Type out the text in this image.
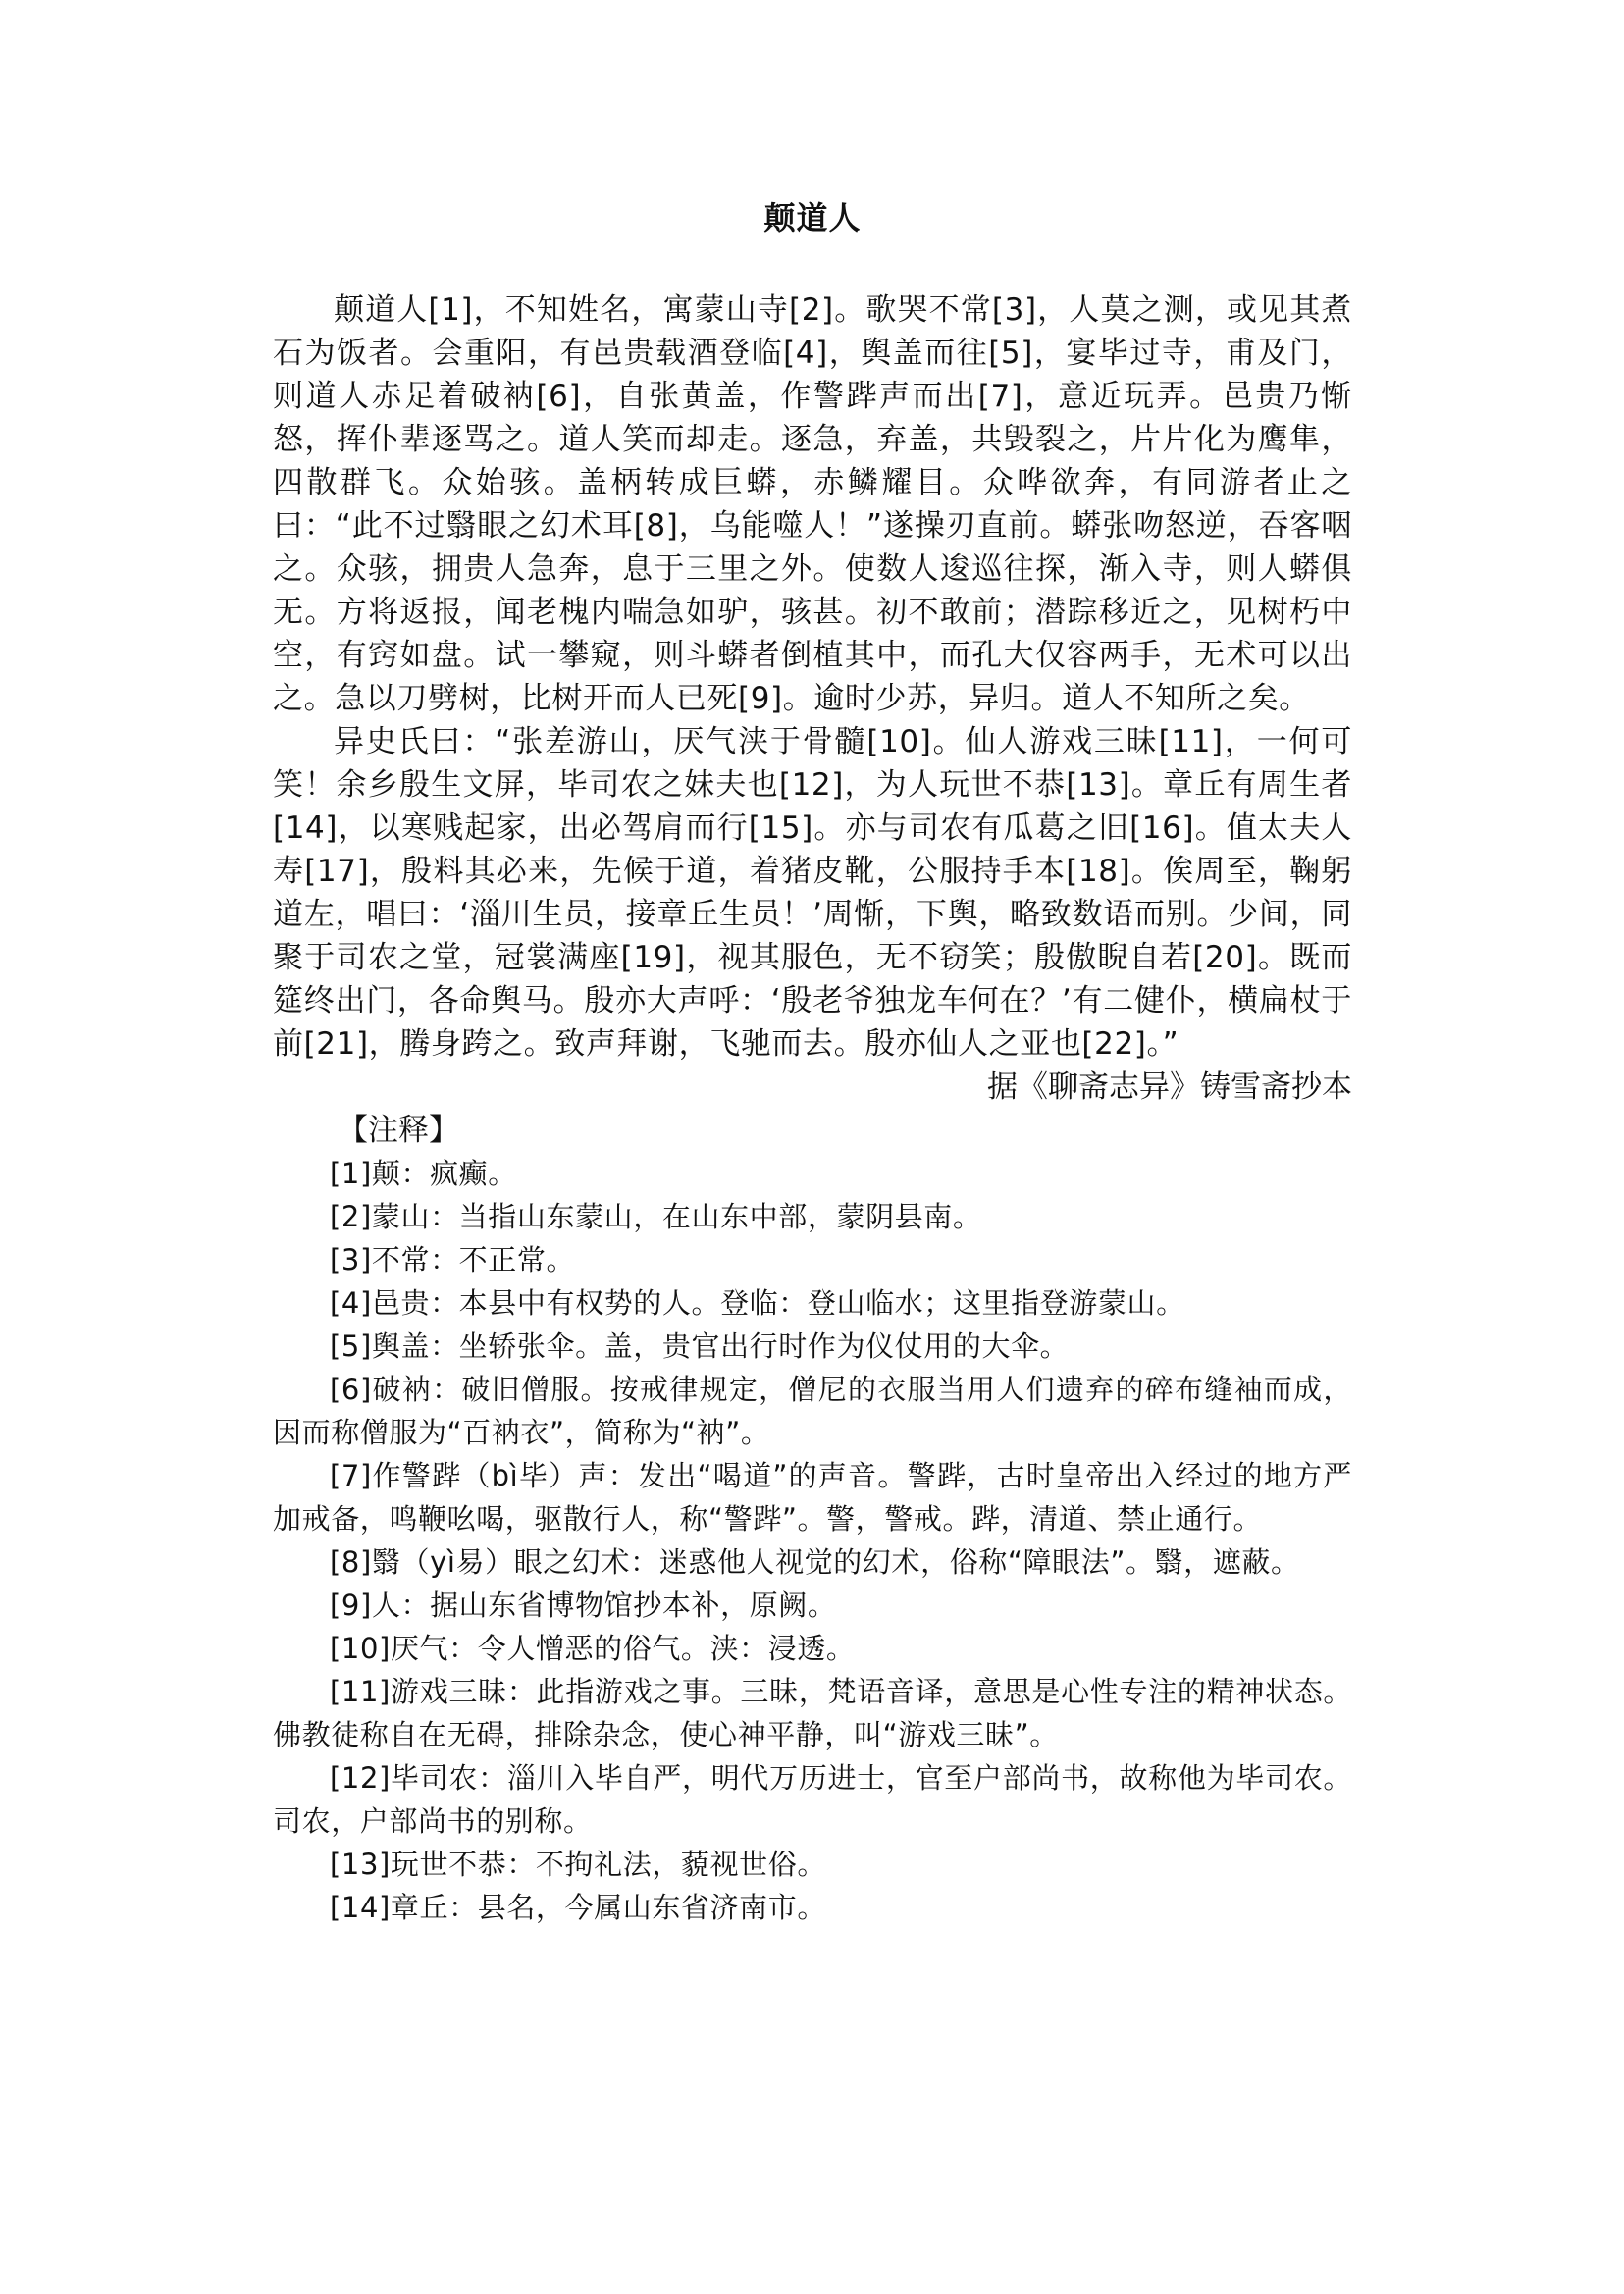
颠道人

颠道人[1]，不知姓名，寓蒙山寺[2]。歌哭不常[3]，人莫之测，或见其煮石为饭者。会重阳，有邑贵载酒登临[4]，舆盖而往[5]，宴毕过寺，甫及门，则道人赤足着破衲[6]，自张黄盖，作警跸声而出[7]，意近玩弄。邑贵乃惭怒，挥仆辈逐骂之。道人笑而却走。逐急，弃盖，共毁裂之，片片化为鹰隼，四散群飞。众始骇。盖柄转成巨蟒，赤鳞耀目。众哗欲奔，有同游者止之曰：“此不过翳眼之幻术耳[8]，乌能噬人！”遂操刃直前。蟒张吻怒逆，吞客咽之。众骇，拥贵人急奔，息于三里之外。使数人逡巡往探，渐入寺，则人蟒俱无。方将返报，闻老槐内喘急如驴，骇甚。初不敢前；潜踪移近之，见树朽中空，有窍如盘。试一攀窥，则斗蟒者倒植其中，而孔大仅容两手，无术可以出之。急以刀劈树，比树开而人已死[9]。逾时少苏，异归。道人不知所之矣。

异史氏曰：“张差游山，厌气浃于骨髓[10]。仙人游戏三昧[11]，一何可笑！余乡殷生文屏，毕司农之妹夫也[12]，为人玩世不恭[13]。章丘有周生者[14]，以寒贱起家，出必驾肩而行[15]。亦与司农有瓜葛之旧[16]。值太夫人寿[17]，殷料其必来，先候于道，着猪皮靴，公服持手本[18]。俟周至，鞠躬道左，唱曰：‘淄川生员，接章丘生员！’周惭，下舆，略致数语而别。少间，同聚于司农之堂，冠裳满座[19]，视其服色，无不窃笑；殷傲睨自若[20]。既而筵终出门，各命舆马。殷亦大声呼：‘殷老爷独龙车何在？’有二健仆，横扁杖于前[21]，腾身跨之。致声拜谢，飞驰而去。殷亦仙人之亚也[22]。”

据《聊斋志异》铸雪斋抄本

【注释】

[1]颠：疯癫。

[2]蒙山：当指山东蒙山，在山东中部，蒙阴县南。

[3]不常：不正常。

[4]邑贵：本县中有权势的人。登临：登山临水；这里指登游蒙山。

[5]舆盖：坐轿张伞。盖，贵官出行时作为仪仗用的大伞。

[6]破衲：破旧僧服。按戒律规定，僧尼的衣服当用人们遗弃的碎布缝袖而成，因而称僧服为“百衲衣”，简称为“衲”。

[7]作警跸（bì毕）声：发出“喝道”的声音。警跸，古时皇帝出入经过的地方严加戒备，鸣鞭吆喝，驱散行人，称“警跸”。警，警戒。跸，清道、禁止通行。

[8]翳（yì易）眼之幻术：迷惑他人视觉的幻术，俗称“障眼法”。翳，遮蔽。

[9]人：据山东省博物馆抄本补，原阙。

[10]厌气：令人憎恶的俗气。浃：浸透。

[11]游戏三昧：此指游戏之事。三昧，梵语音译，意思是心性专注的精神状态。佛教徒称自在无碍，排除杂念，使心神平静，叫“游戏三昧”。

[12]毕司农：淄川入毕自严，明代万历进士，官至户部尚书，故称他为毕司农。司农，户部尚书的别称。

[13]玩世不恭：不拘礼法，藐视世俗。

[14]章丘：县名，今属山东省济南市。
